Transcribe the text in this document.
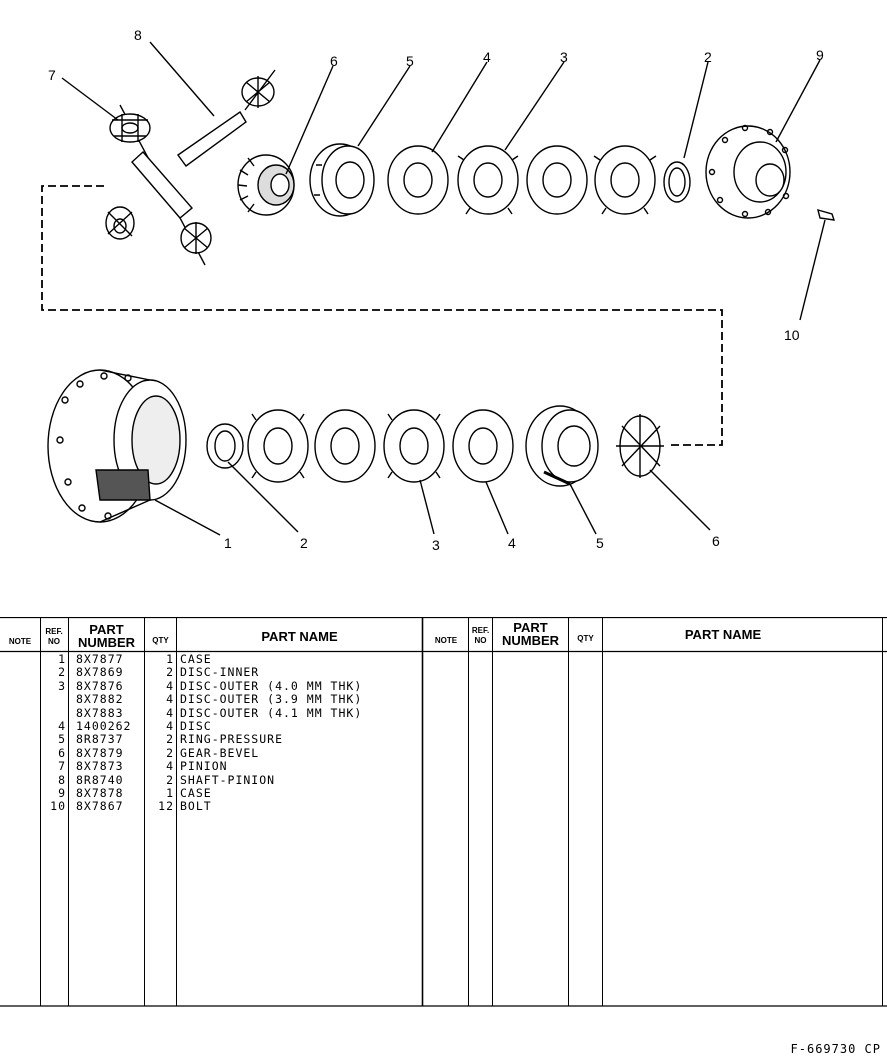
8
7
6	5	4	3	2	9
10
1	2	3	4	5	6
NOTE
REF.
NO
PART
NUMBER	QTY	PART NAME	NOTE
REF.
NO
PART
NUMBER	QTY	PART NAME
1 8X7877	1 CASE
2 8X7869	2 DISC-INNER
3 8X7876	4 DISC-OUTER (4.0 MM THK)
8X7882	4 DISC-OUTER (3.9 MM THK)
8X7883	4 DISC-OUTER (4.1 MM THK)
4 1400262	4 DISC
5 8R8737	2 RING-PRESSURE
6 8X7879	2 GEAR-BEVEL
7 8X7873	4 PINION
8 8R8740	2 SHAFT-PINION
9 8X7878	1 CASE
10 8X7867	12 BOLT
F-669730 CP
